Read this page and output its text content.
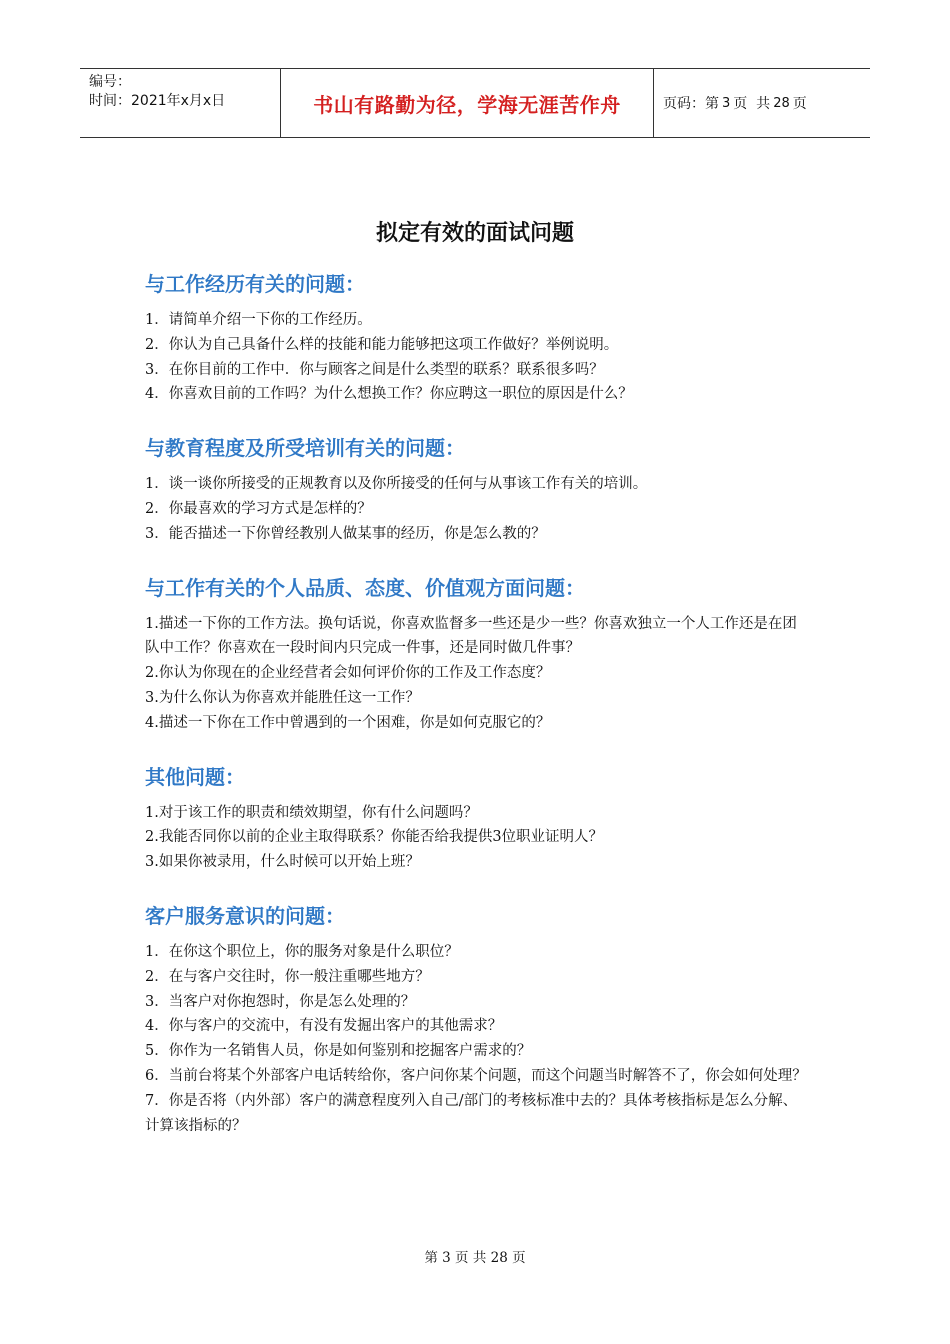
编号：
时间：2021年x月x日	书山有路勤为径，学海无涯苦作舟	页码：第 3 页  共 28 页
拟定有效的面试问题
与工作经历有关的问题：
1．请简单介绍一下你的工作经历。
2．你认为自己具备什么样的技能和能力能够把这项工作做好？举例说明。
3．在你目前的工作中．你与顾客之间是什么类型的联系？联系很多吗？
4．你喜欢目前的工作吗？为什么想换工作？你应聘这一职位的原因是什么？
与教育程度及所受培训有关的问题：
1．谈一谈你所接受的正规教育以及你所接受的任何与从事该工作有关的培训。
2．你最喜欢的学习方式是怎样的？
3．能否描述一下你曾经教别人做某事的经历，你是怎么教的？
与工作有关的个人品质、态度、价值观方面问题：
1.描述一下你的工作方法。换句话说，你喜欢监督多一些还是少一些？你喜欢独立一个人工作还是在团队中工作？你喜欢在一段时间内只完成一件事，还是同时做几件事？
2.你认为你现在的企业经营者会如何评价你的工作及工作态度？
3.为什么你认为你喜欢并能胜任这一工作？
4.描述一下你在工作中曾遇到的一个困难，你是如何克服它的？
其他问题：
1.对于该工作的职责和绩效期望，你有什么问题吗？
2.我能否同你以前的企业主取得联系？你能否给我提供3位职业证明人？
3.如果你被录用，什么时候可以开始上班？
客户服务意识的问题：
1．在你这个职位上，你的服务对象是什么职位？
2．在与客户交往时，你一般注重哪些地方？
3．当客户对你抱怨时，你是怎么处理的？
4．你与客户的交流中，有没有发掘出客户的其他需求？
5．你作为一名销售人员，你是如何鉴别和挖掘客户需求的？
6．当前台将某个外部客户电话转给你，客户问你某个问题，而这个问题当时解答不了，你会如何处理？
7．你是否将（内外部）客户的满意程度列入自己/部门的考核标准中去的？具体考核指标是怎么分解、计算该指标的？
第 3 页 共 28 页
